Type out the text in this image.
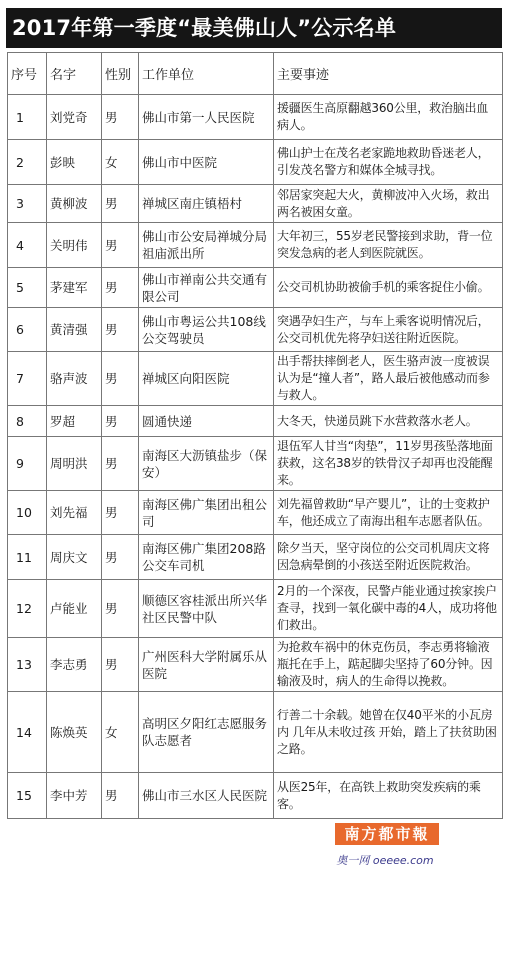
2017年第一季度“最美佛山人”公示名单
序号	名字	性别	工作单位	主要事迹
1	刘党奇	男	佛山市第一人民医院	援疆医生高原翻越360公里，救治脑出血病人。
2	彭映	女	佛山市中医院	佛山护士在茂名老家跪地救助昏迷老人，引发茂名警方和媒体全城寻找。
3	黄柳波	男	禅城区南庄镇梧村	邻居家突起大火，黄柳波冲入火场，救出两名被困女童。
4	关明伟	男	佛山市公安局禅城分局祖庙派出所	大年初三，55岁老民警接到求助，背一位突发急病的老人到医院就医。
5	茅建军	男	佛山市禅南公共交通有限公司	公交司机协助被偷手机的乘客捉住小偷。
6	黄清强	男	佛山市粤运公共108线公交驾驶员	突遇孕妇生产，与车上乘客说明情况后，公交司机优先将孕妇送往附近医院。
7	骆声波	男	禅城区向阳医院	出手帮扶摔倒老人，医生骆声波一度被误认为是“撞人者”，路人最后被他感动而参与救人。
8	罗超	男	圆通快递	大冬天，快递员跳下水营救落水老人。
9	周明洪	男	南海区大沥镇盐步（保安）	退伍军人甘当“肉垫”，11岁男孩坠落地面获救，这名38岁的铁骨汉子却再也没能醒来。
10	刘先福	男	南海区佛广集团出租公司	刘先福曾救助“早产婴儿”，让的士变救护车，他还成立了南海出租车志愿者队伍。
11	周庆文	男	南海区佛广集团208路公交车司机	除夕当天，坚守岗位的公交司机周庆文将因急病晕倒的小孩送至附近医院救治。
12	卢能业	男	顺德区容桂派出所兴华社区民警中队	2月的一个深夜，民警卢能业通过挨家挨户查寻，找到一氧化碳中毒的4人，成功将他们救出。
13	李志勇	男	广州医科大学附属乐从医院	为抢救车祸中的休克伤员，李志勇将输液瓶托在手上，踮起脚尖坚持了60分钟。因输液及时，病人的生命得以挽救。
14	陈焕英	女	高明区夕阳红志愿服务队志愿者	行善二十余载。她曾在仅40平米的小瓦房内 几年从未收过孩 开始，踏上了扶贫助困之路。
15	李中芳	男	佛山市三水区人民医院	从医25年，在高铁上救助突发疾病的乘客。
南方都市報
奥一网 oeeee.com
